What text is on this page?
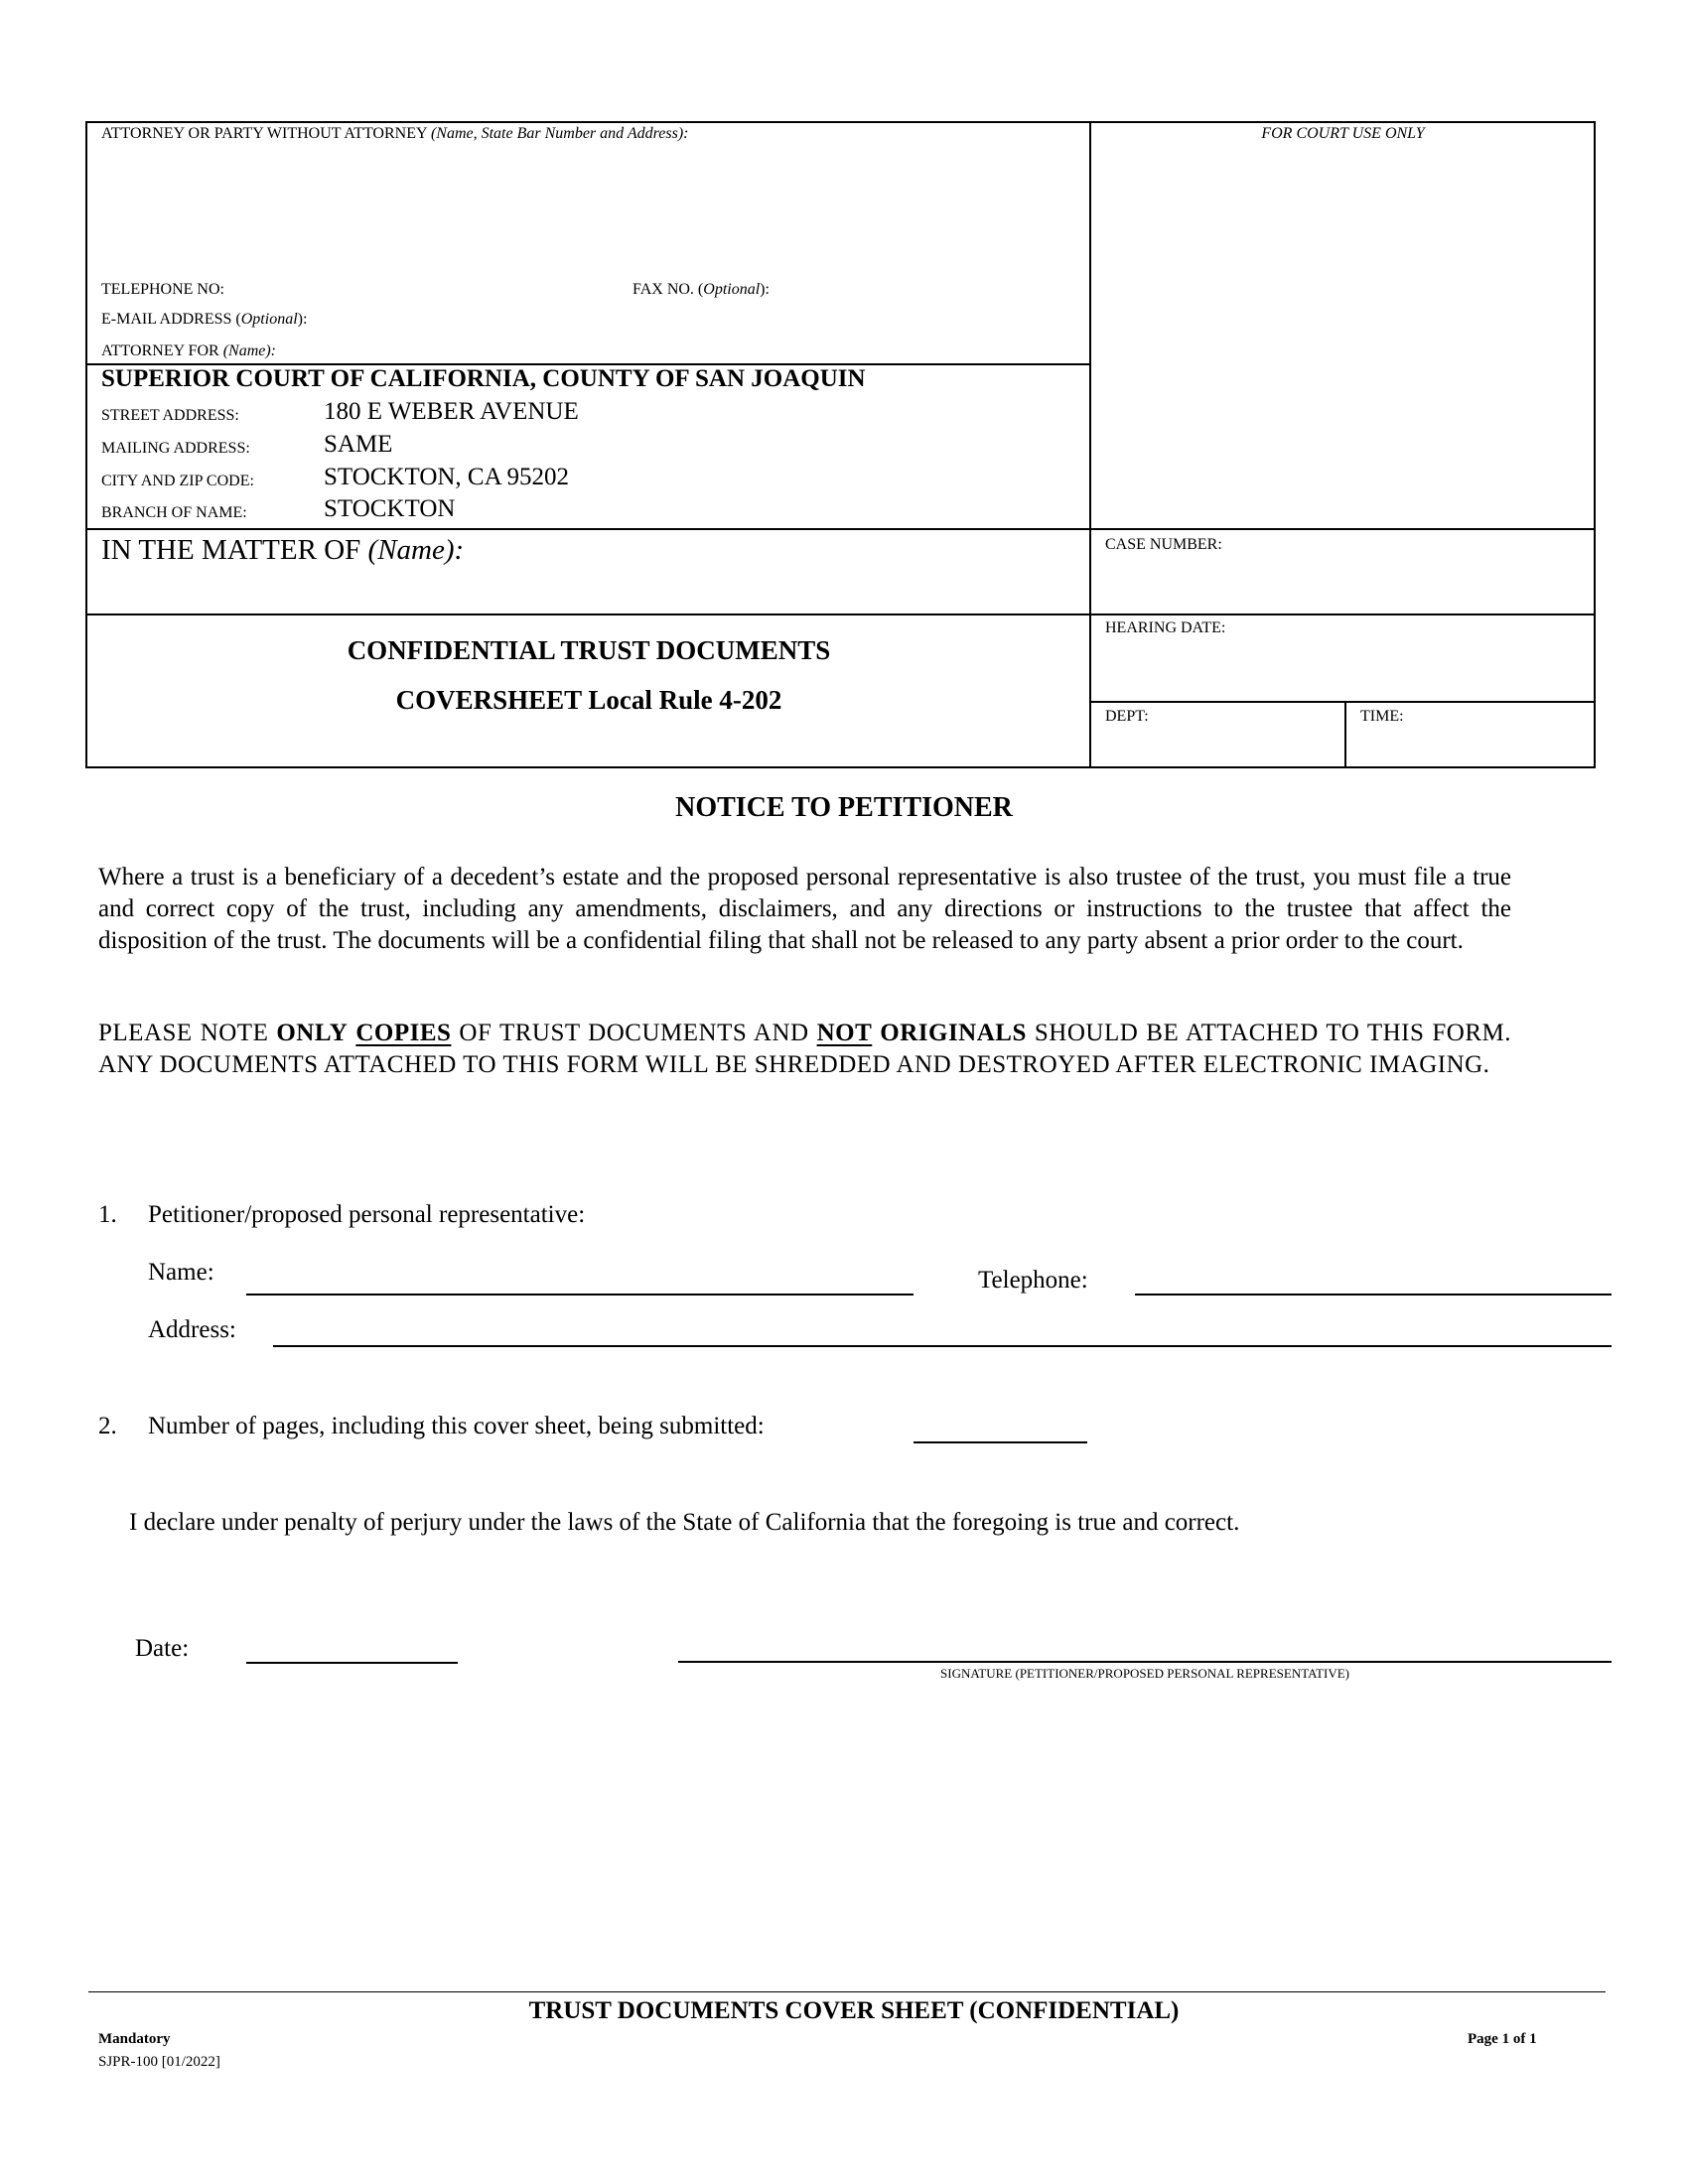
ATTORNEY OR PARTY WITHOUT ATTORNEY (Name, State Bar Number and Address):	FOR COURT USE ONLY
TELEPHONE NO:	FAX NO. (Optional):
E-MAIL ADDRESS (Optional):
ATTORNEY FOR (Name):
SUPERIOR COURT OF CALIFORNIA, COUNTY OF SAN JOAQUIN
STREET ADDRESS:	180 E WEBER AVENUE
MAILING ADDRESS:	SAME
CITY AND ZIP CODE:	STOCKTON, CA 95202
BRANCH OF NAME:	STOCKTON
IN THE MATTER OF (Name):	CASE NUMBER:
HEARING DATE:
DEPT:	TIME:
CONFIDENTIAL TRUST DOCUMENTS
COVERSHEET Local Rule 4-202
NOTICE TO PETITIONER
Where a trust is a beneficiary of a decedent’s estate and the proposed personal representative is also trustee of the trust, you must file a true and correct copy of the trust, including any amendments, disclaimers, and any directions or instructions to the trustee that affect the disposition of the trust. The documents will be a confidential filing that shall not be released to any party absent a prior order to the court.
PLEASE NOTE ONLY COPIES OF TRUST DOCUMENTS AND NOT ORIGINALS SHOULD BE ATTACHED TO THIS FORM. ANY DOCUMENTS ATTACHED TO THIS FORM WILL BE SHREDDED AND DESTROYED AFTER ELECTRONIC IMAGING.
1. Petitioner/proposed personal representative:
Name:	Telephone:
Address:
2. Number of pages, including this cover sheet, being submitted:
I declare under penalty of perjury under the laws of the State of California that the foregoing is true and correct.
Date:
SIGNATURE (PETITIONER/PROPOSED PERSONAL REPRESENTATIVE)
TRUST DOCUMENTS COVER SHEET (CONFIDENTIAL)
Mandatory
SJPR-100 [01/2022]
Page 1 of 1
